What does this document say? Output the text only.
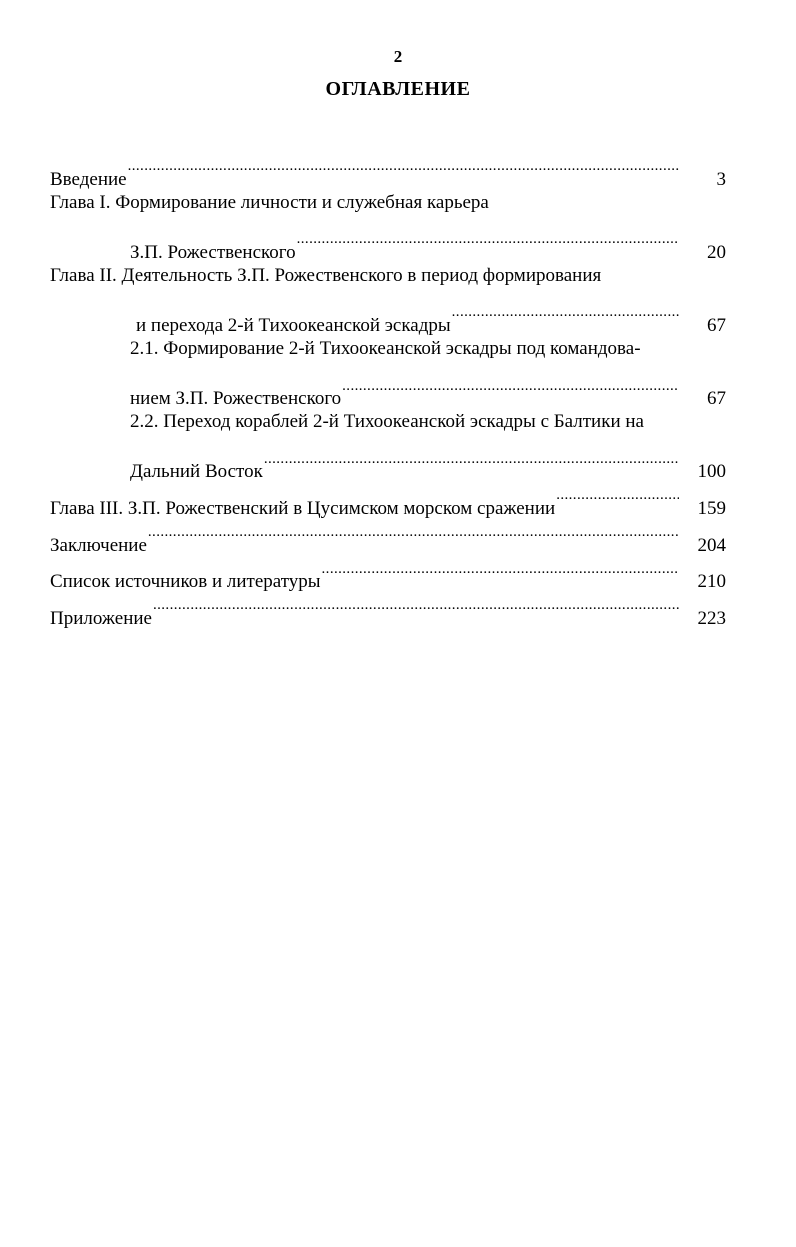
2
ОГЛАВЛЕНИЕ
Введение .....	3
Глава I. Формирование личности и служебная карьера
З.П. Рожественского .....	20
Глава II. Деятельность З.П. Рожественского в период формирования
и перехода 2-й Тихоокеанской эскадры .....	67
2.1. Формирование 2-й Тихоокеанской эскадры под командова-
нием З.П. Рожественского .....	67
2.2. Переход кораблей 2-й Тихоокеанской эскадры с Балтики на
Дальний Восток .....	100
Глава III. З.П. Рожественский в Цусимском морском сражении .....	159
Заключение .....	204
Список источников и литературы .....	210
Приложение .....	223
